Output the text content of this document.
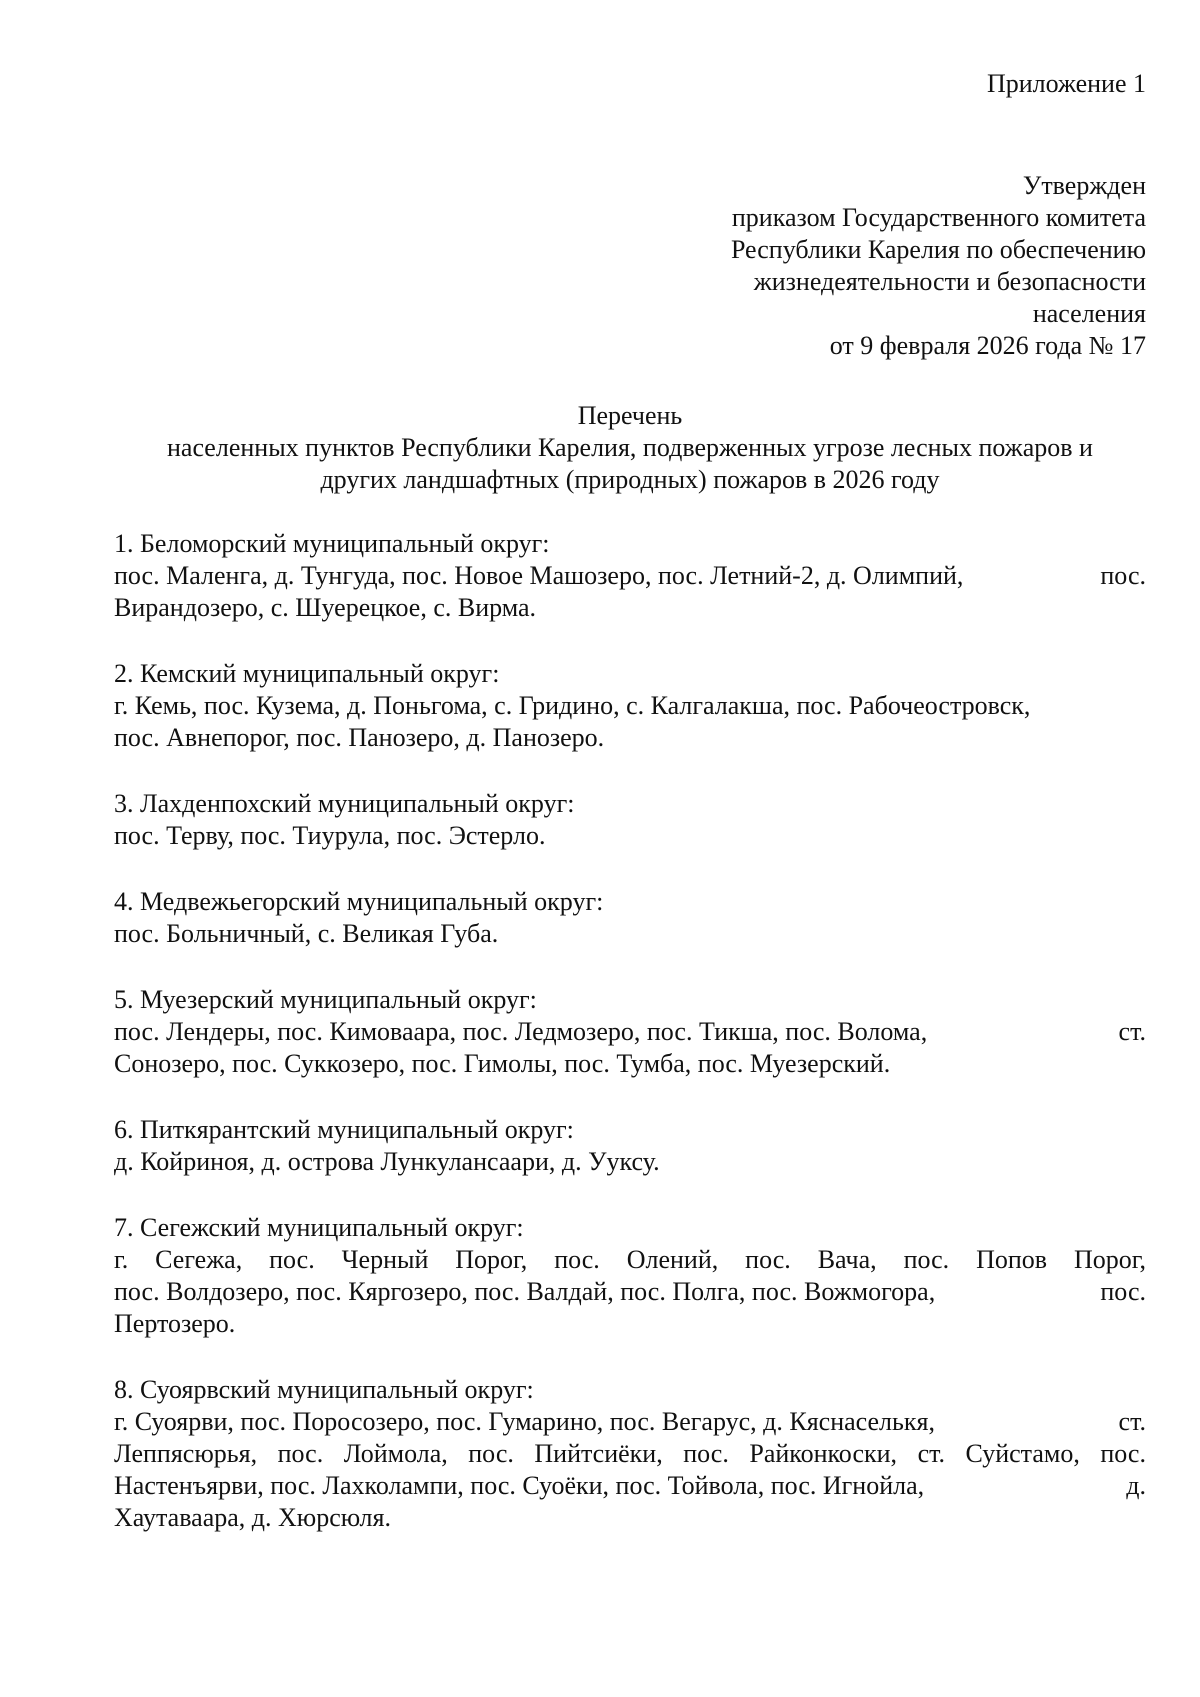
Приложение 1
Утвержден
приказом Государственного комитета
Республики Карелия по обеспечению
жизнедеятельности и безопасности
населения
от 9 февраля 2026 года № 17
Перечень
населенных пунктов Республики Карелия, подверженных угрозе лесных пожаров и
других ландшафтных (природных) пожаров в 2026 году
1. Беломорский муниципальный округ:
пос. Маленга, д. Тунгуда, пос. Новое Машозеро, пос. Летний-2, д. Олимпий,	пос.
Вирандозеро, с. Шуерецкое, с. Вирма.
2. Кемский муниципальный округ:
г. Кемь, пос. Кузема, д. Поньгома, с. Гридино, с. Калгалакша, пос. Рабочеостровск,
пос. Авнепорог, пос. Панозеро, д. Панозеро.
3. Лахденпохский муниципальный округ:
пос. Терву, пос. Тиурула, пос. Эстерло.
4. Медвежьегорский муниципальный округ:
пос. Больничный, с. Великая Губа.
5. Муезерский муниципальный округ:
пос. Лендеры, пос. Кимоваара, пос. Ледмозеро, пос. Тикша, пос. Волома,	ст.
Сонозеро, пос. Суккозеро, пос. Гимолы, пос. Тумба, пос. Муезерский.
6. Питкярантский муниципальный округ:
д. Койриноя, д. острова Лункулансаари, д. Ууксу.
7. Сегежский муниципальный округ:
г. Сегежа, пос. Черный Порог, пос. Олений, пос. Вача, пос. Попов Порог,
пос. Волдозеро, пос. Кяргозеро, пос. Валдай, пос. Полга, пос. Вожмогора,	пос.
Пертозеро.
8. Суоярвский муниципальный округ:
г. Суоярви, пос. Поросозеро, пос. Гумарино, пос. Вегарус, д. Кяснаселькя,	ст.
Леппясюрья, пос. Лоймола, пос. Пийтсиёки, пос. Райконкоски, ст. Суйстамо, пос.
Настенъярви, пос. Лахколампи, пос. Суоёки, пос. Тойвола, пос. Игнойла,	д.
Хаутаваара, д. Хюрсюля.
